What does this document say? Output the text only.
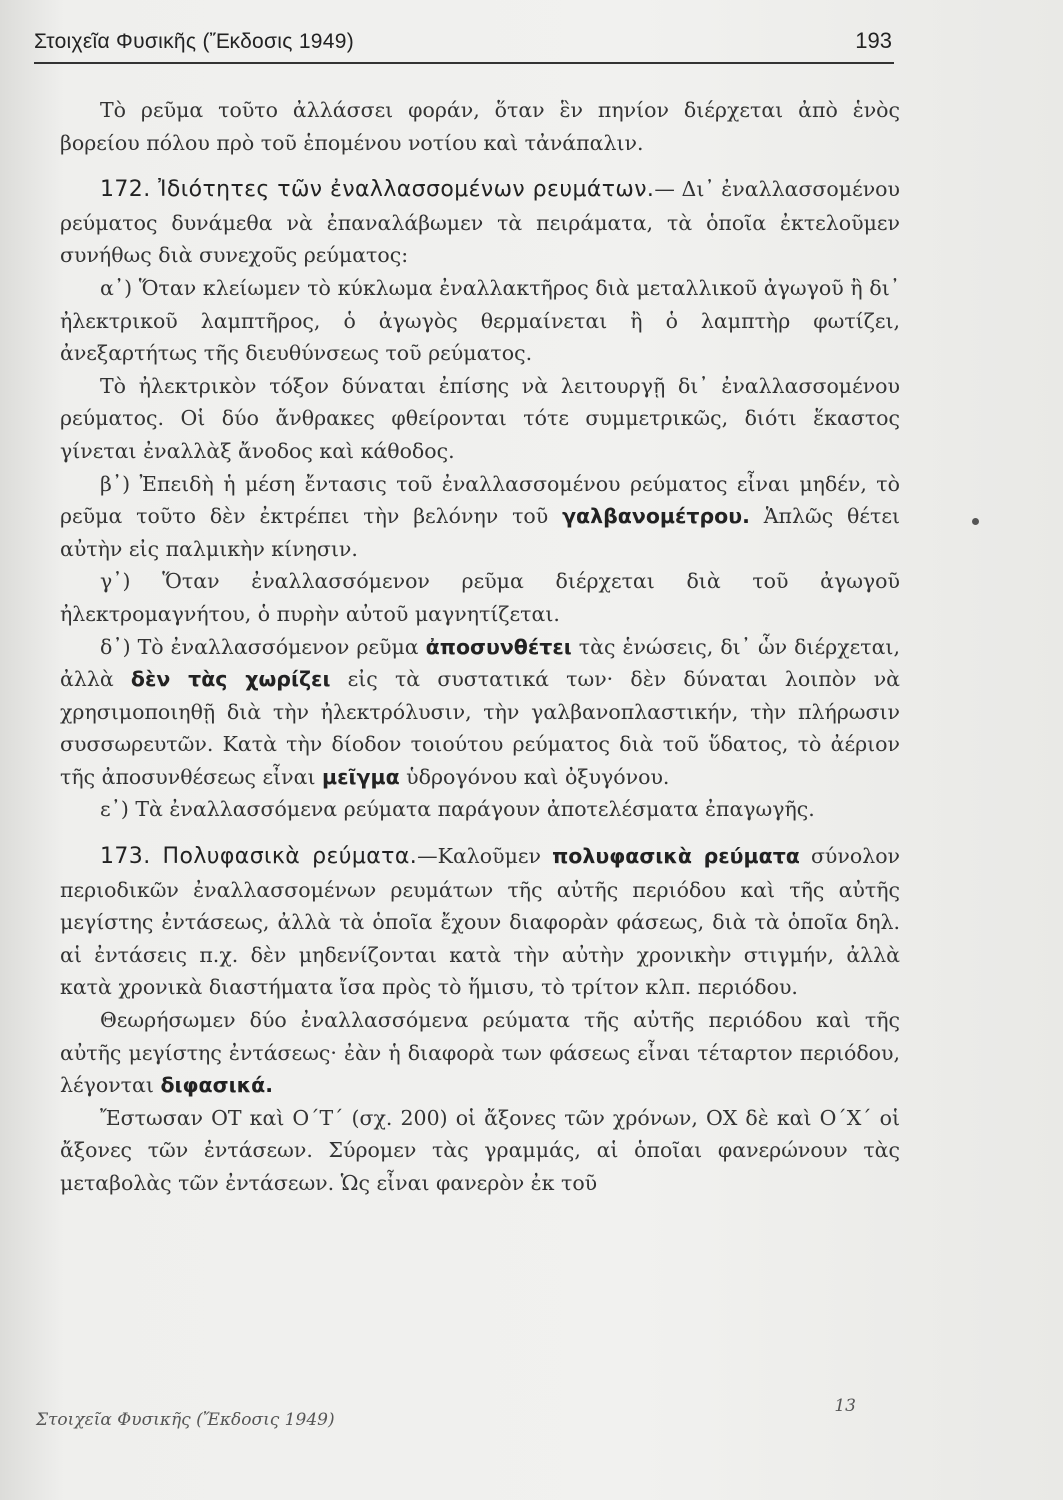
Στοιχεῖα Φυσικῆς (Ἔκδοσις 1949)	193

Τὸ ρεῦμα τοῦτο ἀλλάσσει φοράν, ὅταν ἓν πηνίον διέρχεται ἀπὸ ἑνὸς βορείου πόλου πρὸ τοῦ ἑπομένου νοτίου καὶ τἀνάπαλιν.

172. Ἰδιότητες τῶν ἐναλλασσομένων ρευμάτων.— Δι᾽ ἐναλλασσομένου ρεύματος δυνάμεθα νὰ ἐπαναλάβωμεν τὰ πειράματα, τὰ ὁποῖα ἐκτελοῦμεν συνήθως διὰ συνεχοῦς ρεύματος:

α᾽) Ὅταν κλείωμεν τὸ κύκλωμα ἐναλλακτῆρος διὰ μεταλλικοῦ ἀγωγοῦ ἢ δι᾽ ἠλεκτρικοῦ λαμπτῆρος, ὁ ἀγωγὸς θερμαίνεται ἢ ὁ λαμπτὴρ φωτίζει, ἀνεξαρτήτως τῆς διευθύνσεως τοῦ ρεύματος.

Τὸ ἠλεκτρικὸν τόξον δύναται ἐπίσης νὰ λειτουργῇ δι᾽ ἐναλλασσομένου ρεύματος. Οἱ δύο ἄνθρακες φθείρονται τότε συμμετρικῶς, διότι ἕκαστος γίνεται ἐναλλὰξ ἄνοδος καὶ κάθοδος.

β᾽) Ἐπειδὴ ἡ μέση ἔντασις τοῦ ἐναλλασσομένου ρεύματος εἶναι μηδέν, τὸ ρεῦμα τοῦτο δὲν ἐκτρέπει τὴν βελόνην τοῦ γαλβανομέτρου. Ἁπλῶς θέτει αὐτὴν εἰς παλμικὴν κίνησιν.

γ᾽) Ὅταν ἐναλλασσόμενον ρεῦμα διέρχεται διὰ τοῦ ἀγωγοῦ ἠλεκτρομαγνήτου, ὁ πυρὴν αὐτοῦ μαγνητίζεται.

δ᾽) Τὸ ἐναλλασσόμενον ρεῦμα ἀποσυνθέτει τὰς ἑνώσεις, δι᾽ ὧν διέρχεται, ἀλλὰ δὲν τὰς χωρίζει εἰς τὰ συστατικά των· δὲν δύναται λοιπὸν νὰ χρησιμοποιηθῇ διὰ τὴν ἠλεκτρόλυσιν, τὴν γαλβανοπλαστικήν, τὴν πλήρωσιν συσσωρευτῶν. Κατὰ τὴν δίοδον τοιούτου ρεύματος διὰ τοῦ ὕδατος, τὸ ἀέριον τῆς ἀποσυνθέσεως εἶναι μεῖγμα ὑδρογόνου καὶ ὀξυγόνου.

ε᾽) Τὰ ἐναλλασσόμενα ρεύματα παράγουν ἀποτελέσματα ἐπαγωγῆς.

173. Πολυφασικὰ ρεύματα.—Καλοῦμεν πολυφασικὰ ρεύματα σύνολον περιοδικῶν ἐναλλασσομένων ρευμάτων τῆς αὐτῆς περιόδου καὶ τῆς αὐτῆς μεγίστης ἐντάσεως, ἀλλὰ τὰ ὁποῖα ἔχουν διαφορὰν φάσεως, διὰ τὰ ὁποῖα δηλ. αἱ ἐντάσεις π.χ. δὲν μηδενίζονται κατὰ τὴν αὐτὴν χρονικὴν στιγμήν, ἀλλὰ κατὰ χρονικὰ διαστήματα ἴσα πρὸς τὸ ἥμισυ, τὸ τρίτον κλπ. περιόδου.

Θεωρήσωμεν δύο ἐναλλασσόμενα ρεύματα τῆς αὐτῆς περιόδου καὶ τῆς αὐτῆς μεγίστης ἐντάσεως· ἐὰν ἡ διαφορὰ των φάσεως εἶναι τέταρτον περιόδου, λέγονται διφασικά.

Ἔστωσαν ΟΤ καὶ Ο΄Τ΄ (σχ. 200) οἱ ἄξονες τῶν χρόνων, ΟΧ δὲ καὶ Ο΄Χ΄ οἱ ἄξονες τῶν ἐντάσεων. Σύρομεν τὰς γραμμάς, αἱ ὁποῖαι φανερώνουν τὰς μεταβολὰς τῶν ἐντάσεων. Ὡς εἶναι φανερὸν ἐκ τοῦ

Στοιχεῖα Φυσικῆς (Ἔκδοσις 1949)
13
